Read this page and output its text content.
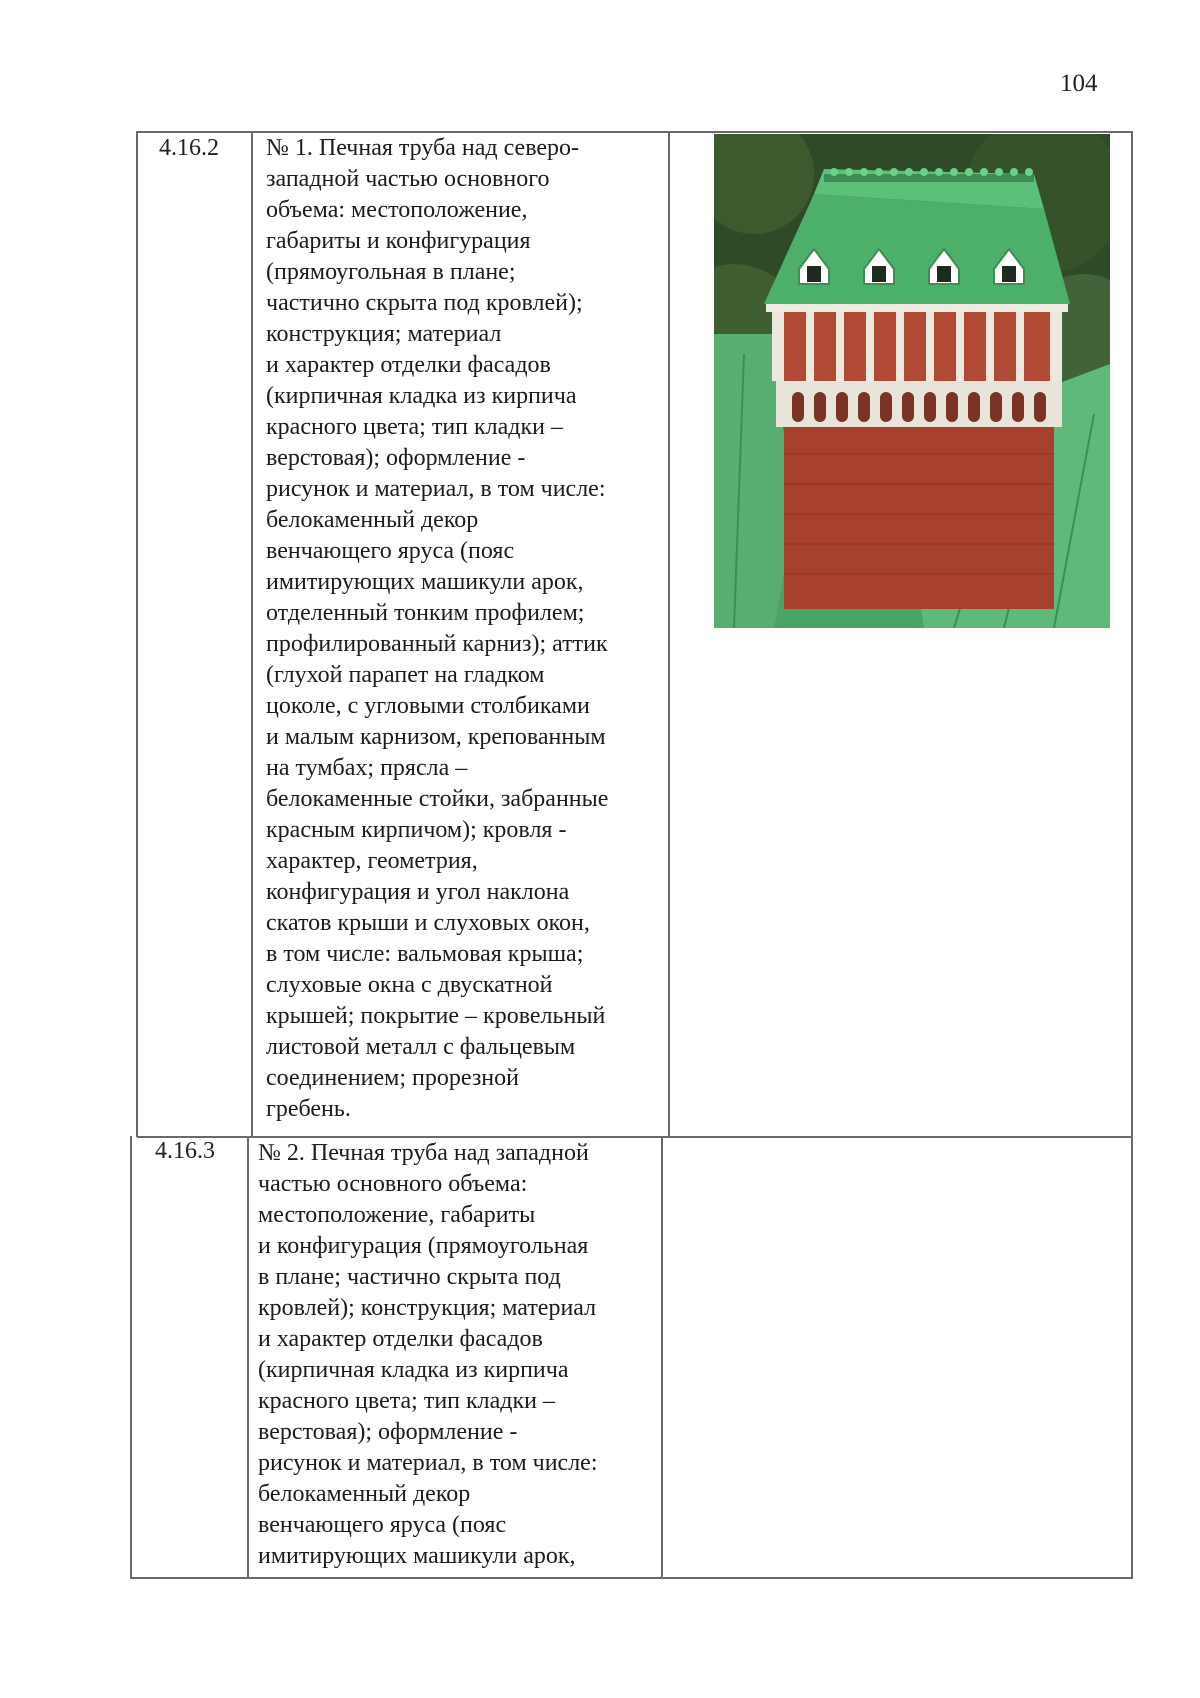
104
4.16.2 № 1. Печная труба над северо-
западной частью основного
объема: местоположение,
габариты и конфигурация
(прямоугольная в плане;
частично скрыта под кровлей);
конструкция; материал
и характер отделки фасадов
(кирпичная кладка из кирпича
красного цвета; тип кладки –
верстовая); оформление -
рисунок и материал, в том числе:
белокаменный декор
венчающего яруса (пояс
имитирующих машикули арок,
отделенный тонким профилем;
профилированный карниз); аттик
(глухой парапет на гладком
цоколе, с угловыми столбиками
и малым карнизом, крепованным
на тумбах; прясла –
белокаменные стойки, забранные
красным кирпичом); кровля -
характер, геометрия,
конфигурация и угол наклона
скатов крыши и слуховых окон,
в том числе: вальмовая крыша;
слуховые окна с двускатной
крышей; покрытие – кровельный
листовой металл с фальцевым
соединением; прорезной
гребень.
4.16.3 № 2. Печная труба над западной
частью основного объема:
местоположение, габариты
и конфигурация (прямоугольная
в плане; частично скрыта под
кровлей); конструкция; материал
и характер отделки фасадов
(кирпичная кладка из кирпича
красного цвета; тип кладки –
верстовая); оформление -
рисунок и материал, в том числе:
белокаменный декор
венчающего яруса (пояс
имитирующих машикули арок,
